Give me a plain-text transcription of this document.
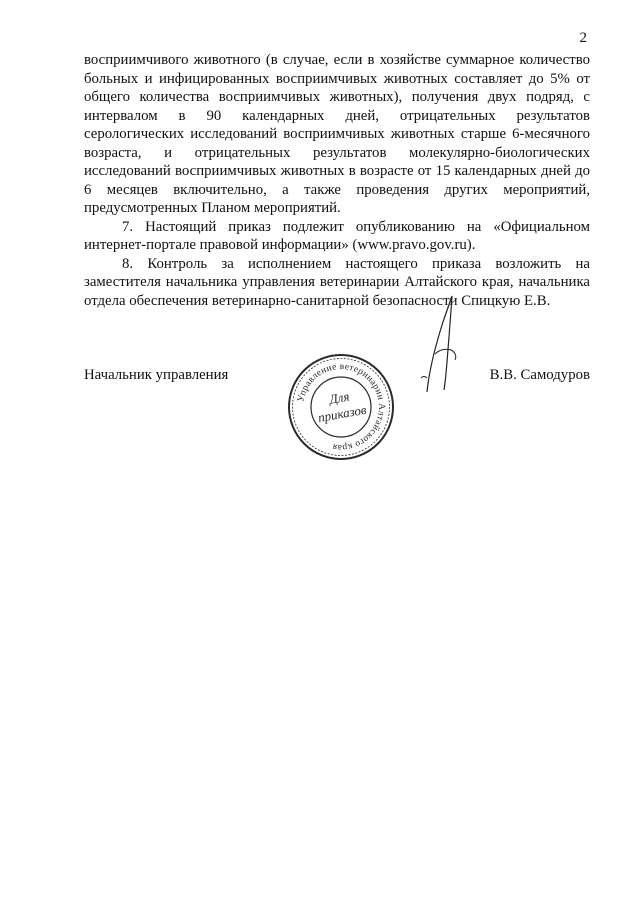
2

восприимчивого животного (в случае, если в хозяйстве суммарное количество больных и инфицированных восприимчивых животных составляет до 5% от общего количества восприимчивых животных), получения двух подряд, с интервалом в 90 календарных дней, отрицательных результатов серологических исследований восприимчивых животных старше 6-месячного возраста, и отрицательных результатов молекулярно-биологических исследований восприимчивых животных в возрасте от 15 календарных дней до 6 месяцев включительно, а также проведения других мероприятий, предусмотренных Планом мероприятий.

7. Настоящий приказ подлежит опубликованию на «Официальном интернет-портале правовой информации» (www.pravo.gov.ru).

8. Контроль за исполнением настоящего приказа возложить на заместителя начальника управления ветеринарии Алтайского края, начальника отдела обеспечения ветеринарно-санитарной безопасности Спицкую Е.В.

Начальник управления	В.В. Самодуров
Управление ветеринарии Алтайского края
Для
приказов
